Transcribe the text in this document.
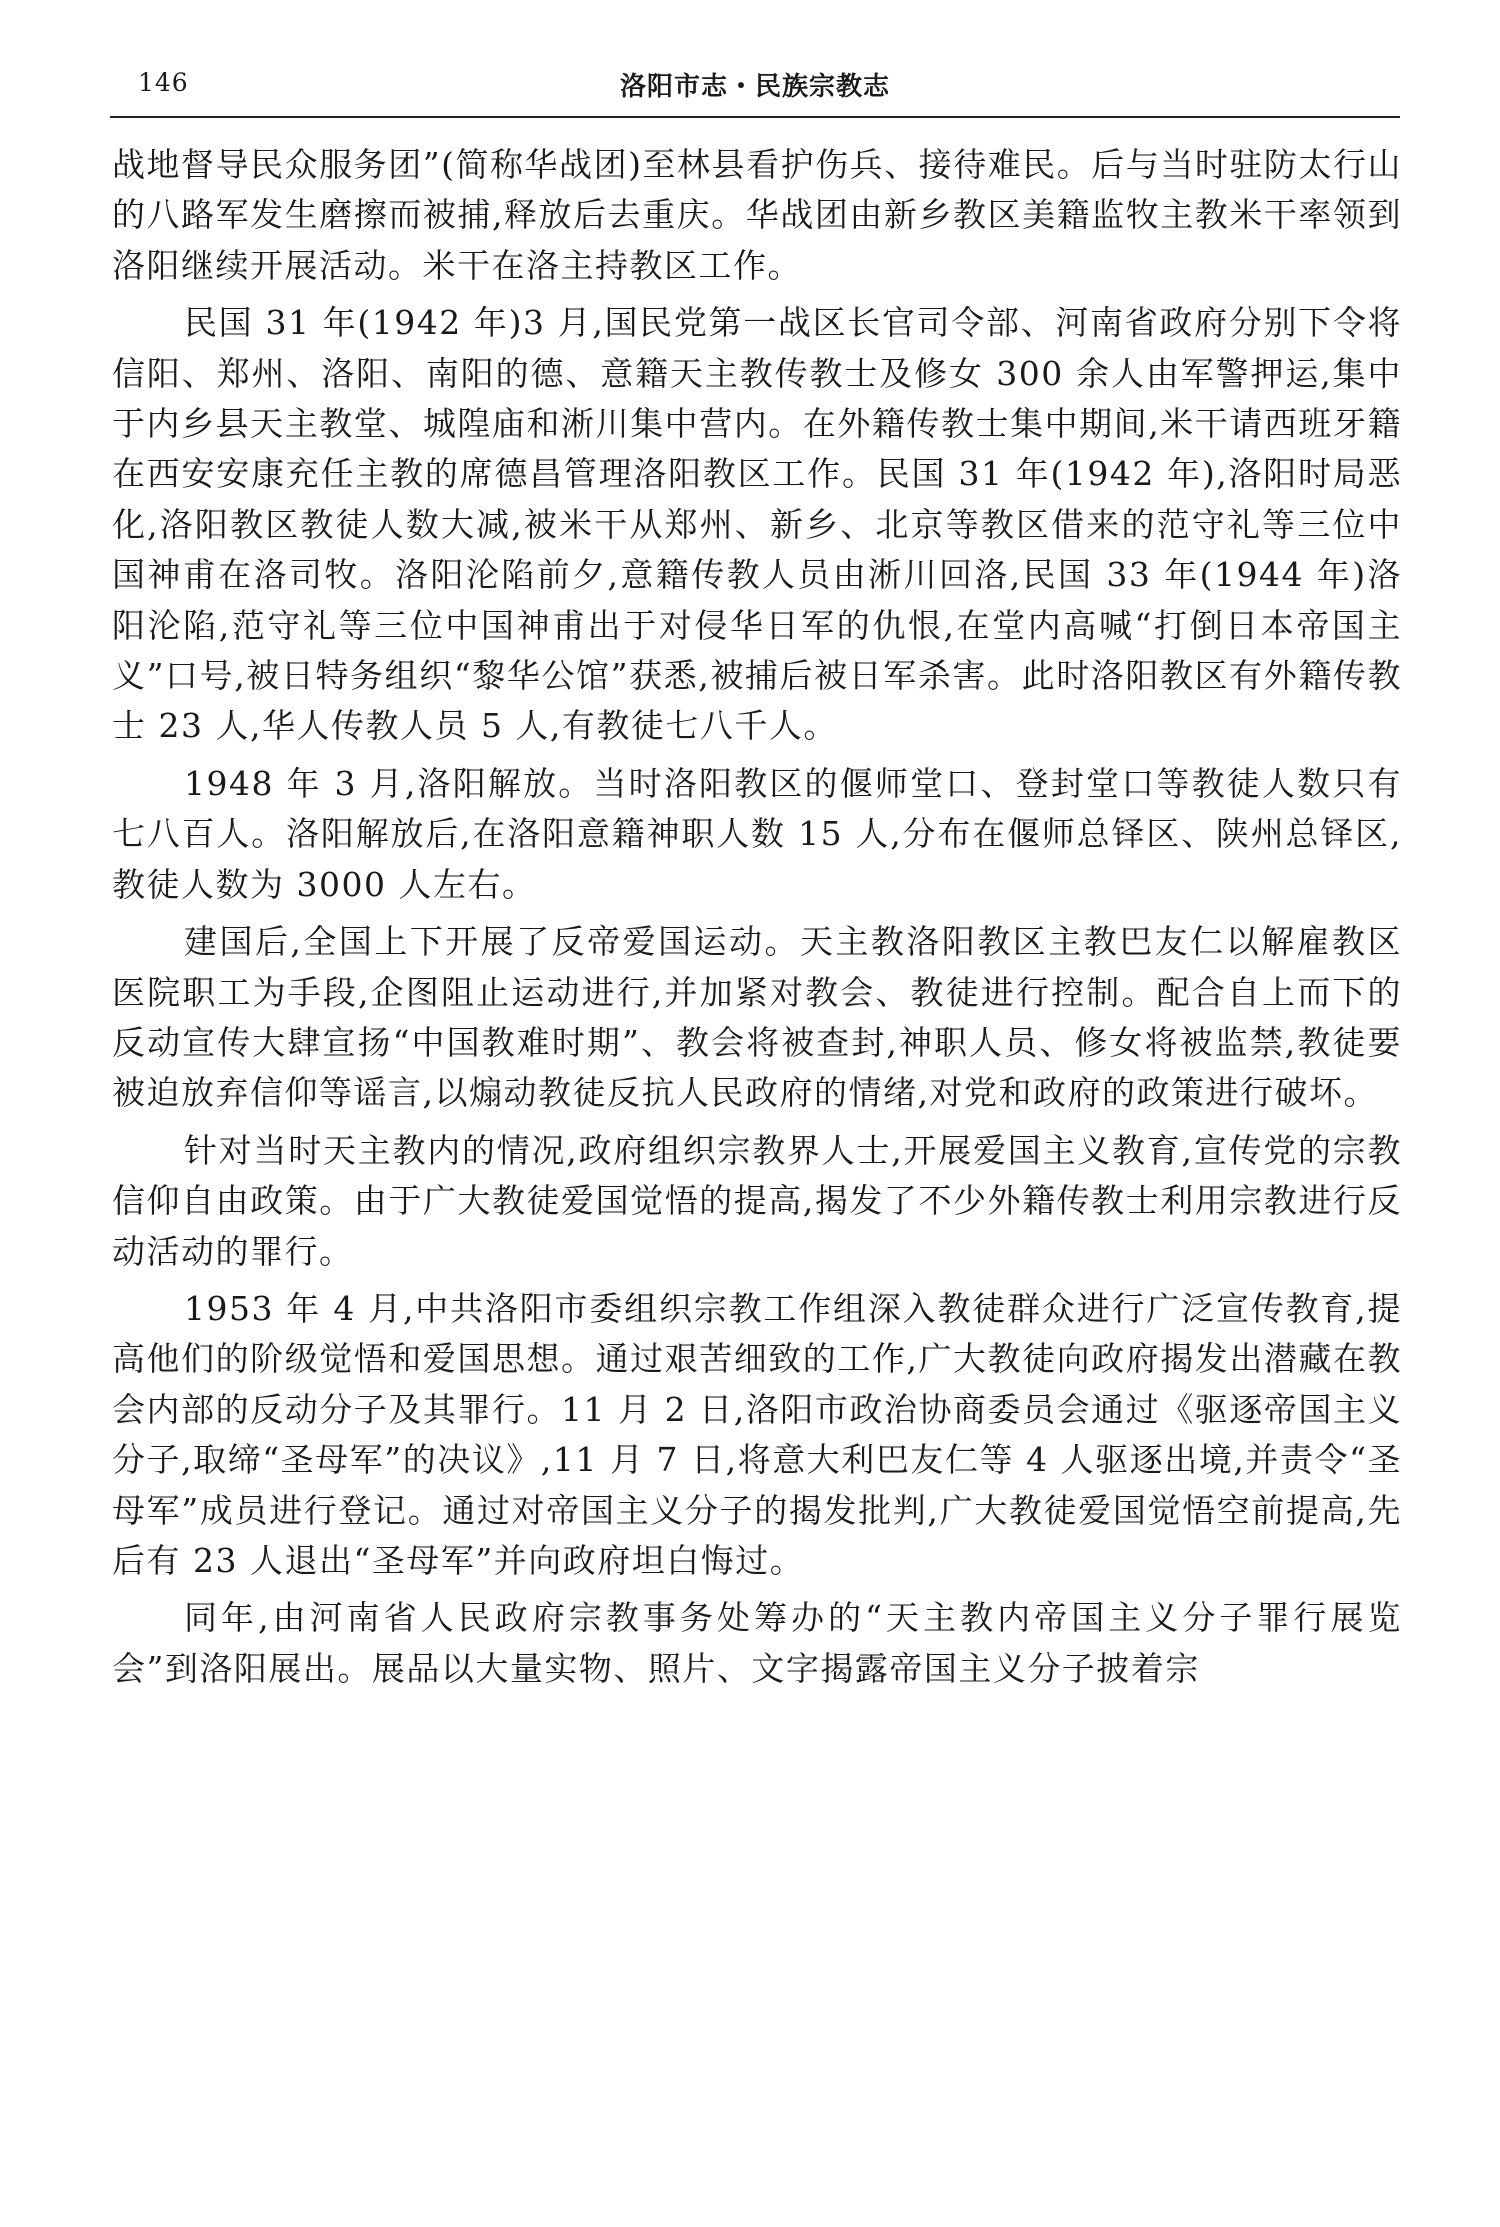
146	洛阳市志・民族宗教志

战地督导民众服务团”(简称华战团)至林县看护伤兵、接待难民。后与当时驻防太行山的八路军发生磨擦而被捕,释放后去重庆。华战团由新乡教区美籍监牧主教米干率领到洛阳继续开展活动。米干在洛主持教区工作。

民国 31 年(1942 年)3 月,国民党第一战区长官司令部、河南省政府分别下令将信阳、郑州、洛阳、南阳的德、意籍天主教传教士及修女 300 余人由军警押运,集中于内乡县天主教堂、城隍庙和淅川集中营内。在外籍传教士集中期间,米干请西班牙籍在西安安康充任主教的席德昌管理洛阳教区工作。民国 31 年(1942 年),洛阳时局恶化,洛阳教区教徒人数大减,被米干从郑州、新乡、北京等教区借来的范守礼等三位中国神甫在洛司牧。洛阳沦陷前夕,意籍传教人员由淅川回洛,民国 33 年(1944 年)洛阳沦陷,范守礼等三位中国神甫出于对侵华日军的仇恨,在堂内高喊“打倒日本帝国主义”口号,被日特务组织“黎华公馆”获悉,被捕后被日军杀害。此时洛阳教区有外籍传教士 23 人,华人传教人员 5 人,有教徒七八千人。

1948 年 3 月,洛阳解放。当时洛阳教区的偃师堂口、登封堂口等教徒人数只有七八百人。洛阳解放后,在洛阳意籍神职人数 15 人,分布在偃师总铎区、陕州总铎区,教徒人数为 3000 人左右。

建国后,全国上下开展了反帝爱国运动。天主教洛阳教区主教巴友仁以解雇教区医院职工为手段,企图阻止运动进行,并加紧对教会、教徒进行控制。配合自上而下的反动宣传大肆宣扬“中国教难时期”、教会将被查封,神职人员、修女将被监禁,教徒要被迫放弃信仰等谣言,以煽动教徒反抗人民政府的情绪,对党和政府的政策进行破坏。

针对当时天主教内的情况,政府组织宗教界人士,开展爱国主义教育,宣传党的宗教信仰自由政策。由于广大教徒爱国觉悟的提高,揭发了不少外籍传教士利用宗教进行反动活动的罪行。

1953 年 4 月,中共洛阳市委组织宗教工作组深入教徒群众进行广泛宣传教育,提高他们的阶级觉悟和爱国思想。通过艰苦细致的工作,广大教徒向政府揭发出潜藏在教会内部的反动分子及其罪行。11 月 2 日,洛阳市政治协商委员会通过《驱逐帝国主义分子,取缔“圣母军”的决议》,11 月 7 日,将意大利巴友仁等 4 人驱逐出境,并责令“圣母军”成员进行登记。通过对帝国主义分子的揭发批判,广大教徒爱国觉悟空前提高,先后有 23 人退出“圣母军”并向政府坦白悔过。

同年,由河南省人民政府宗教事务处筹办的“天主教内帝国主义分子罪行展览会”到洛阳展出。展品以大量实物、照片、文字揭露帝国主义分子披着宗
